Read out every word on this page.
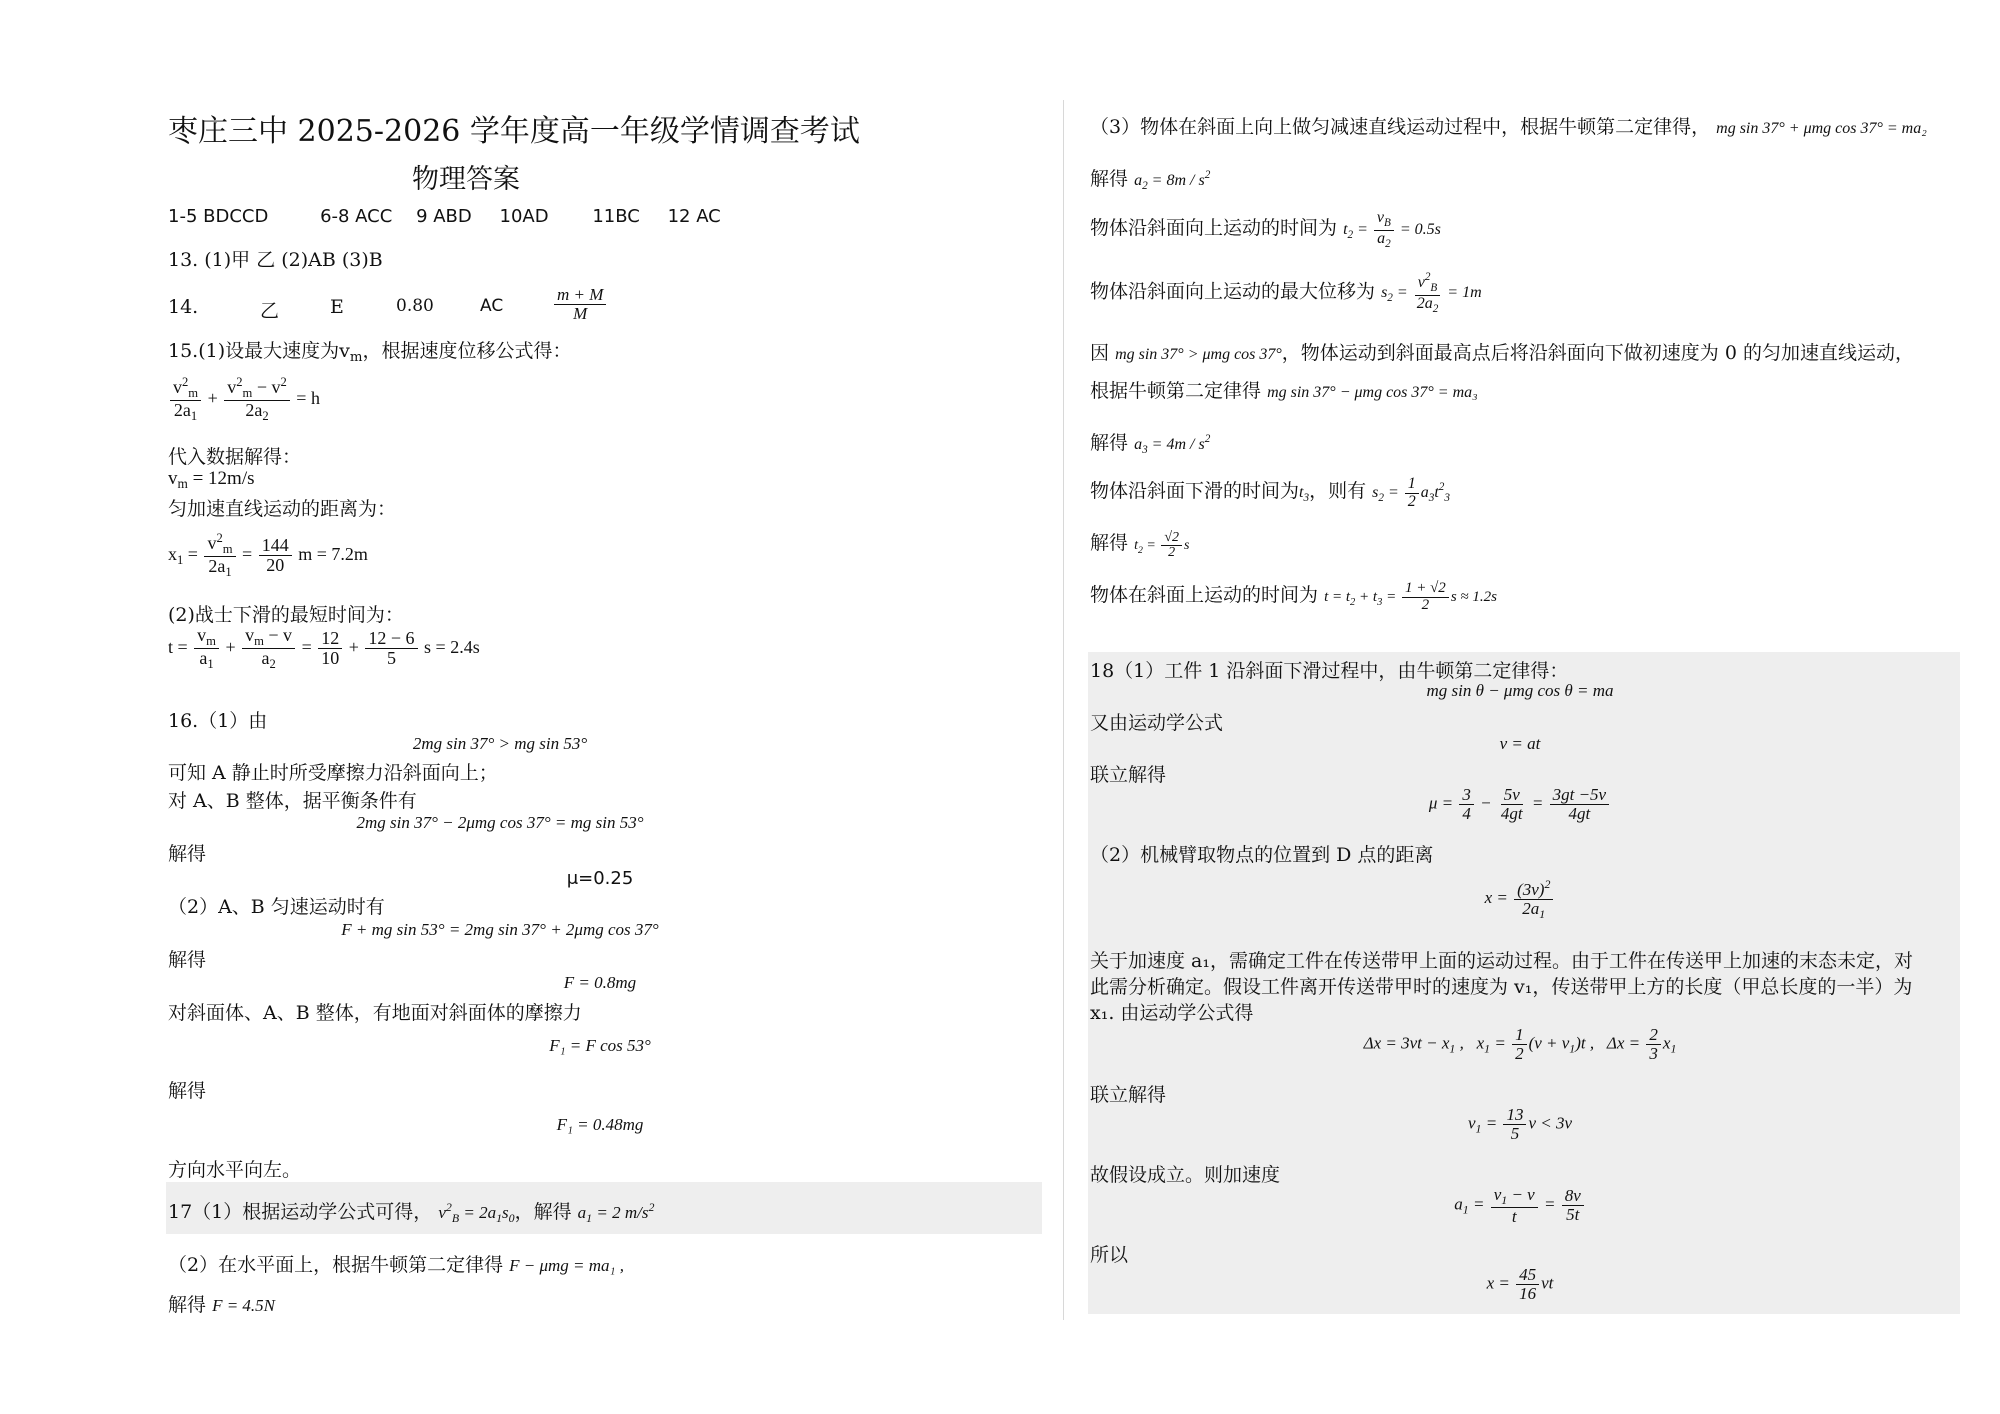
枣庄三中 2025-2026 学年度高一年级学情调查考试
物理答案
1-5 BDCCD	6-8 ACC 9 ABD 10AD 11BC 12 AC
13. (1)甲 乙 (2)AB (3)B
14.	乙	E	0.80	AC	$\frac{m + M}{M}$
15.(1)设最大速度为$v_m$，根据速度位移公式得：
$\frac{v^2_m}{2a_1} + \frac{v^2_m - v^2}{2a_2} = h$
代入数据解得：
$v_m = 12m/s$
匀加速直线运动的距离为：
$x_1 = \frac{v^2_m}{2a_1} = \frac{144}{20}$ m = 7.2m
(2)战士下滑的最短时间为：
$t = \frac{v_m}{a_1} + \frac{v_m - v}{a_2} = \frac{12}{10} + \frac{12 - 6}{5}$ s = 2.4s
16.（1）由
2mg sin 37° > mg sin 53°
可知 A 静止时所受摩擦力沿斜面向上；
对 A、B 整体，据平衡条件有
2mg sin 37° − 2μmg cos 37° = mg sin 53°
解得
μ=0.25
（2）A、B 匀速运动时有
F + mg sin 53° = 2mg sin 37° + 2μmg cos 37°
解得
F = 0.8mg
对斜面体、A、B 整体，有地面对斜面体的摩擦力
F₁ = F cos 53°
解得
F₁ = 0.48mg
方向水平向左。
17（1）根据运动学公式可得， $v^2_B = 2a_1s_0$，解得 $a_1 = 2$ $m/s^2$
（2）在水平面上，根据牛顿第二定律得 F − μmg = ma₁ ,
解得 F = 4.5N
（3）物体在斜面上向上做匀减速直线运动过程中，根据牛顿第二定律得， mg sin 37° + μmg cos 37° = ma₂
解得 $a_2 = 8m / s^2$
物体沿斜面向上运动的时间为 $t_2 = \frac{v_B}{a_2} = 0.5s$
物体沿斜面向上运动的最大位移为 $s_2 = \frac{v^2_B}{2a_2} = 1m$
因 mg sin 37° > μmg cos 37°，物体运动到斜面最高点后将沿斜面向下做初速度为 0 的匀加速直线运动，
根据牛顿第二定律得 mg sin 37° − μmg cos 37° = ma₃
解得 $a_3 = 4m / s^2$
物体沿斜面下滑的时间为$t_3$，则有 $s_2 = \frac{1}{2} a_3t^2_3$
解得 $t_2 = \frac{√2}{2}$ s
物体在斜面上运动的时间为 $t = t_2 + t_3 = \frac{1 + √2}{2}$ s ≈ 1.2s
18（1）工件 1 沿斜面下滑过程中，由牛顿第二定律得：
mg sin θ − μmg cos θ = ma
又由运动学公式
v = at
联立解得
$\mu = \frac{3}{4} - \frac{5v}{4gt} = \frac{3gt -5v}{4gt}$
（2）机械臂取物点的位置到 D 点的距离
$x = \frac{(3v)^2}{2a_1}$
关于加速度 a₁，需确定工件在传送带甲上面的运动过程。由于工件在传送甲上加速的末态未定，对
此需分析确定。假设工件离开传送带甲时的速度为 v₁，传送带甲上方的长度（甲总长度的一半）为
x₁. 由运动学公式得
$\Delta x = 3vt - x_1$ ,   $x_1 = \frac{1}{2} (v + v_1)t$ ,   $\Delta x = \frac{2}{3} x_1$
联立解得
$v_1 = \frac{13}{5}$ v < 3v
故假设成立。则加速度
$a_1 = \frac{v_1 - v}{t} = \frac{8v}{5t}$
所以
$x = \frac{45}{16}$ vt
